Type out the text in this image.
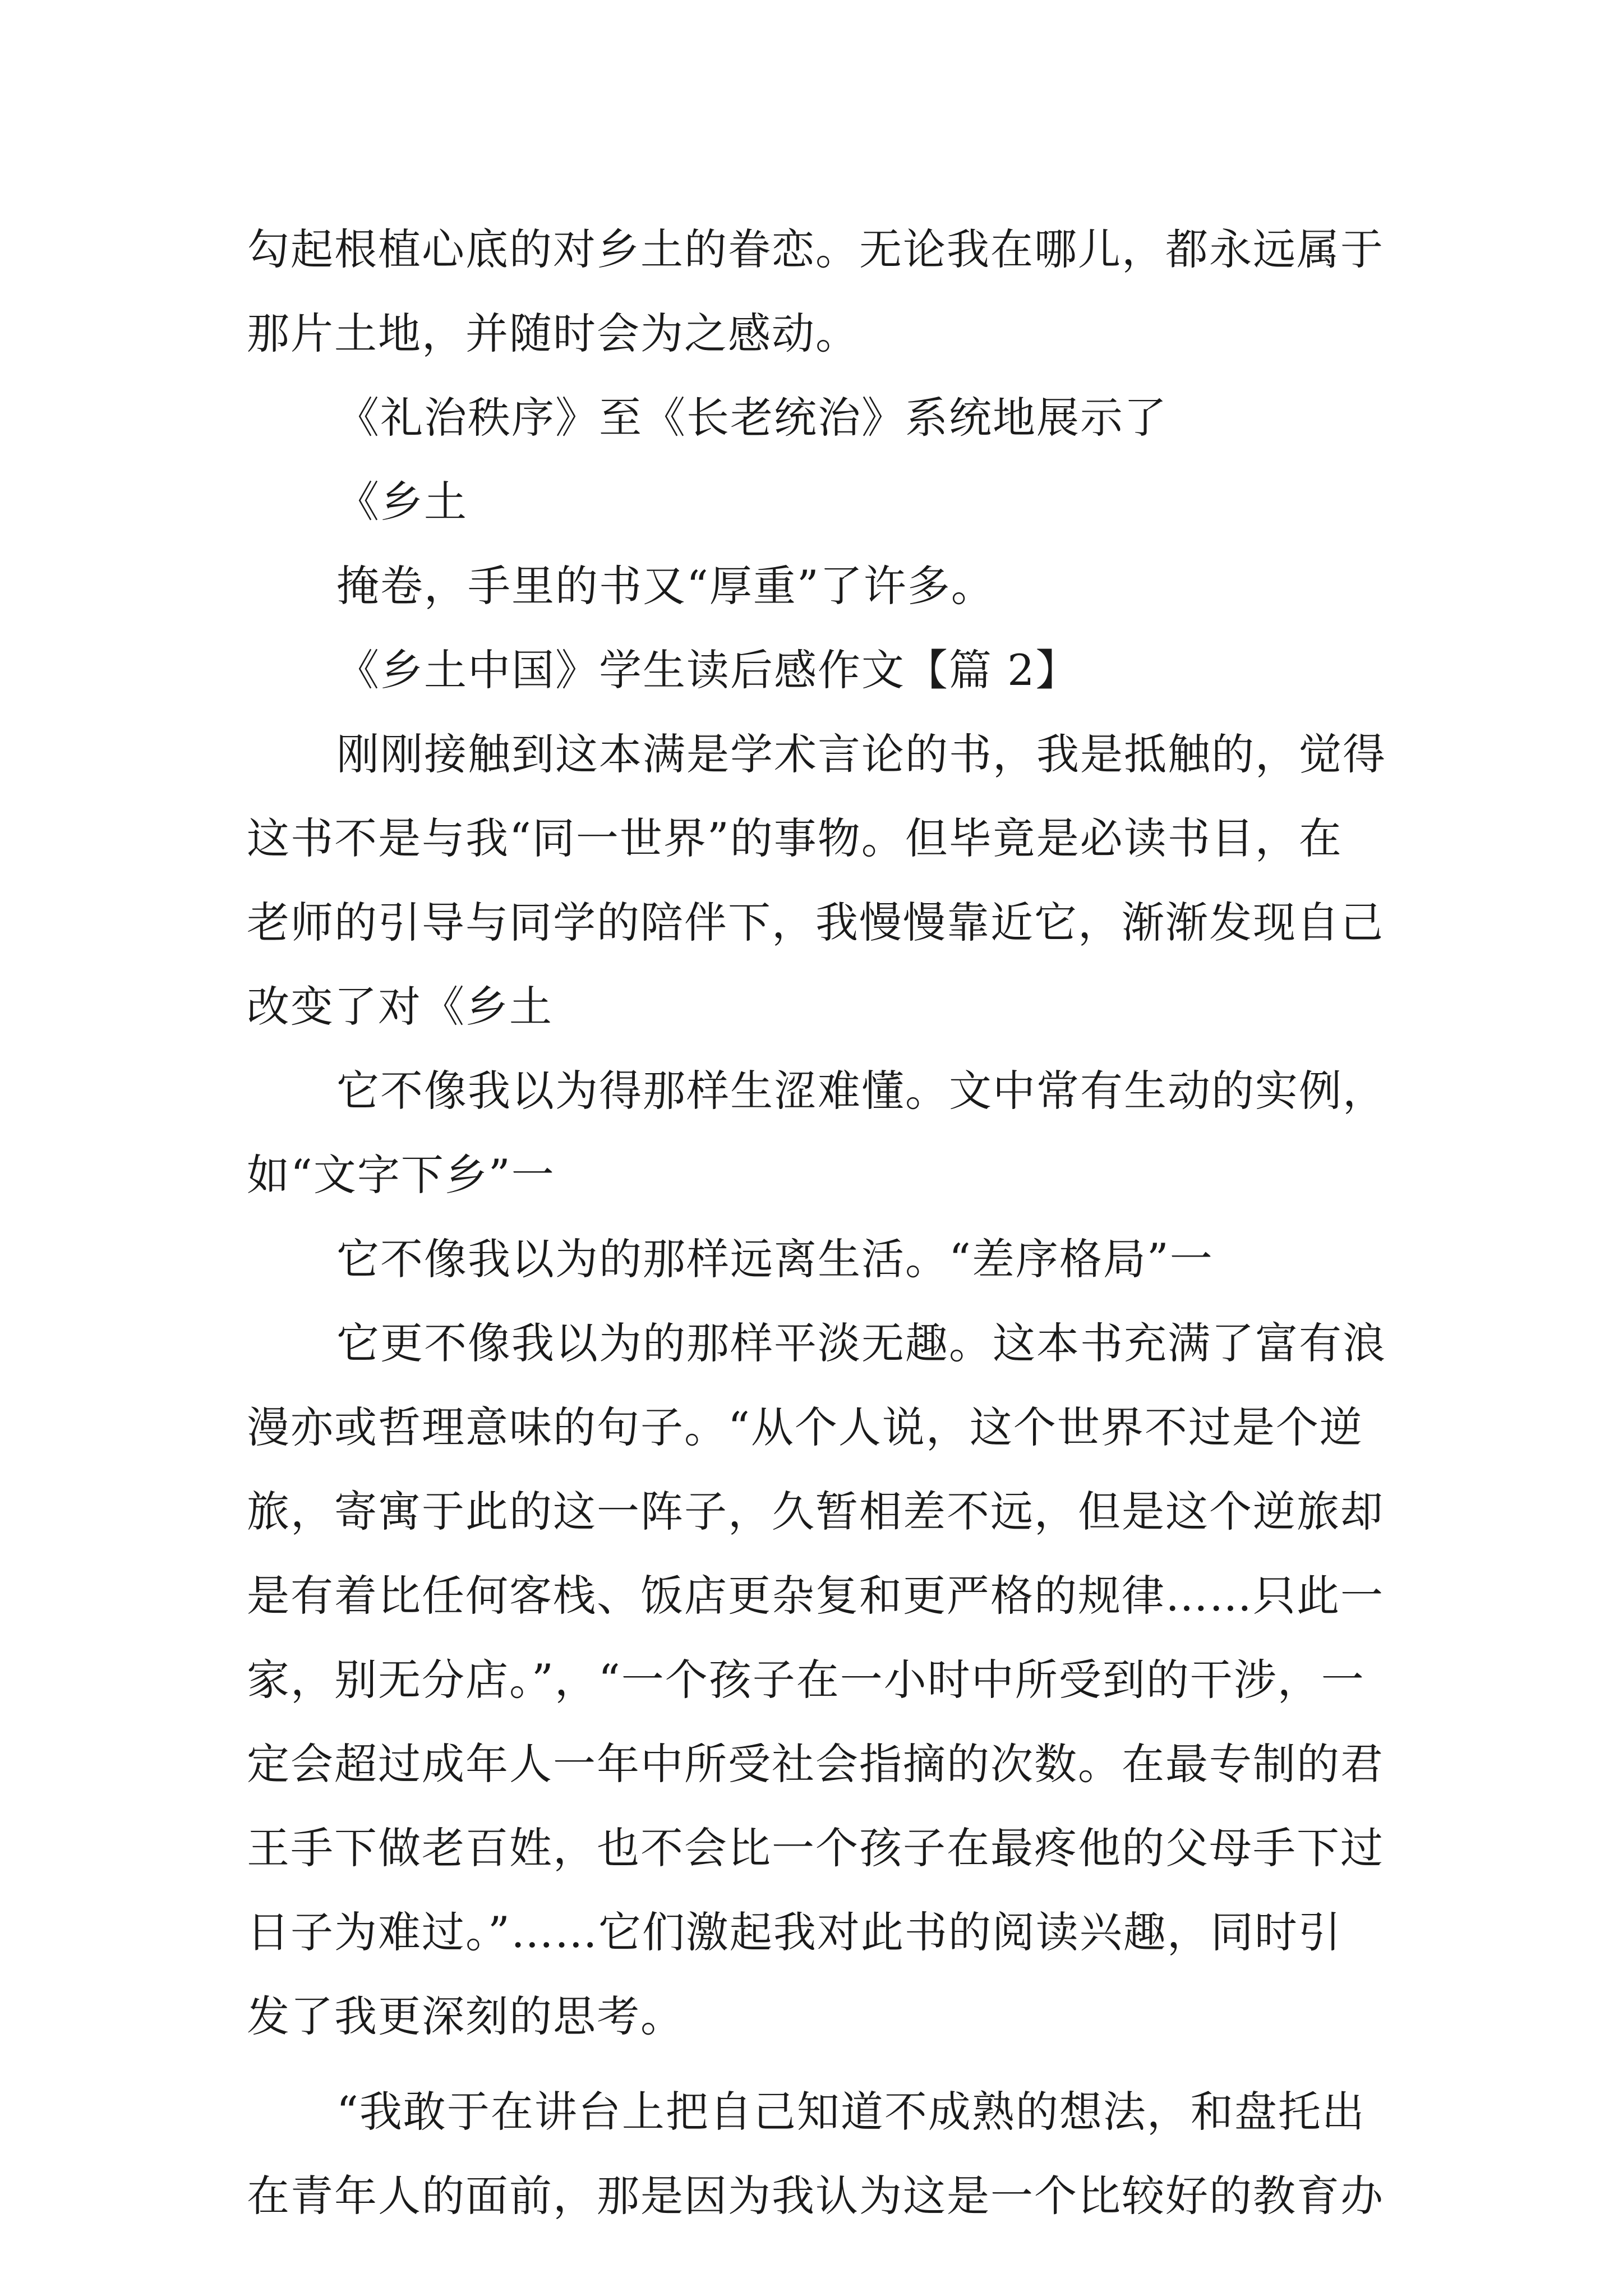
勾起根植心底的对乡土的眷恋。无论我在哪儿，都永远属于
那片土地，并随时会为之感动。
《礼治秩序》至《长老统治》系统地展示了
《乡土
掩卷，手里的书又“厚重”了许多。
《乡土中国》学生读后感作文【篇 2】
刚刚接触到这本满是学术言论的书，我是抵触的，觉得
这书不是与我“同一世界”的事物。但毕竟是必读书目，在
老师的引导与同学的陪伴下，我慢慢靠近它，渐渐发现自己
改变了对《乡土
它不像我以为得那样生涩难懂。文中常有生动的实例，
如“文字下乡”一
它不像我以为的那样远离生活。“差序格局”一
它更不像我以为的那样平淡无趣。这本书充满了富有浪
漫亦或哲理意味的句子。“从个人说，这个世界不过是个逆
旅，寄寓于此的这一阵子，久暂相差不远，但是这个逆旅却
是有着比任何客栈、饭店更杂复和更严格的规律……只此一
家，别无分店。”，“一个孩子在一小时中所受到的干涉，一
定会超过成年人一年中所受社会指摘的次数。在最专制的君
王手下做老百姓，也不会比一个孩子在最疼他的父母手下过
日子为难过。”……它们激起我对此书的阅读兴趣，同时引
发了我更深刻的思考。
“我敢于在讲台上把自己知道不成熟的想法，和盘托出
在青年人的面前，那是因为我认为这是一个比较好的教育办
